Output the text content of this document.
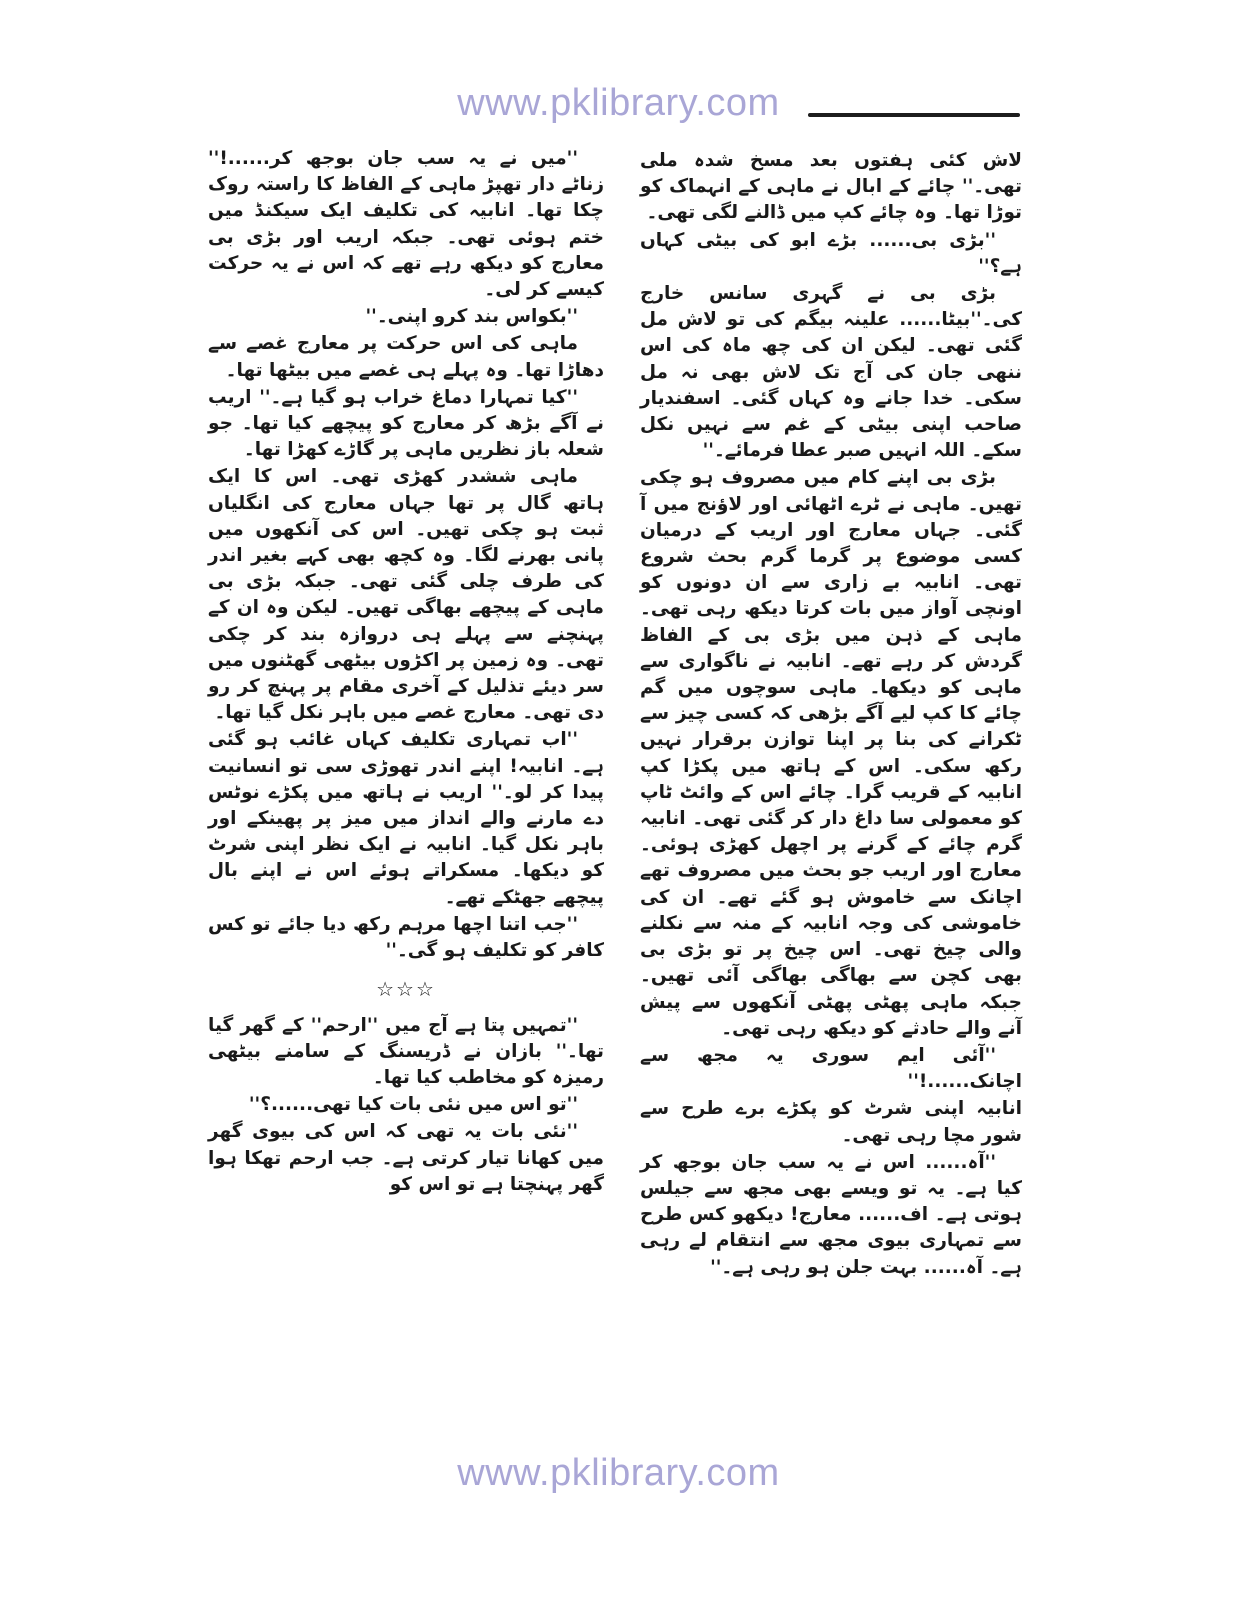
www.pklibrary.com

لاش کئی ہفتوں بعد مسخ شدہ ملی تھی۔'' چائے کے ابال نے ماہی کے انہماک کو توڑا تھا۔ وہ چائے کپ میں ڈالنے لگی تھی۔

''بڑی بی...... بڑے ابو کی بیٹی کہاں ہے؟''

بڑی بی نے گہری سانس خارج کی۔''بیٹا...... علینہ بیگم کی تو لاش مل گئی تھی۔ لیکن ان کی چھ ماہ کی اس ننھی جان کی آج تک لاش بھی نہ مل سکی۔ خدا جانے وہ کہاں گئی۔ اسفندیار صاحب اپنی بیٹی کے غم سے نہیں نکل سکے۔ اللہ انہیں صبر عطا فرمائے۔''

بڑی بی اپنے کام میں مصروف ہو چکی تھیں۔ ماہی نے ٹرے اٹھائی اور لاؤنج میں آ گئی۔ جہاں معارج اور اریب کے درمیان کسی موضوع پر گرما گرم بحث شروع تھی۔ انابیہ بے زاری سے ان دونوں کو اونچی آواز میں بات کرتا دیکھ رہی تھی۔ ماہی کے ذہن میں بڑی بی کے الفاظ گردش کر رہے تھے۔ انابیہ نے ناگواری سے ماہی کو دیکھا۔ ماہی سوچوں میں گم چائے کا کپ لیے آگے بڑھی کہ کسی چیز سے ٹکرانے کی بنا پر اپنا توازن برقرار نہیں رکھ سکی۔ اس کے ہاتھ میں پکڑا کپ انابیہ کے قریب گرا۔ چائے اس کے وائٹ ٹاپ کو معمولی سا داغ دار کر گئی تھی۔ انابیہ گرم چائے کے گرنے پر اچھل کھڑی ہوئی۔ معارج اور اریب جو بحث میں مصروف تھے اچانک سے خاموش ہو گئے تھے۔ ان کی خاموشی کی وجہ انابیہ کے منہ سے نکلنے والی چیخ تھی۔ اس چیخ پر تو بڑی بی بھی کچن سے بھاگی بھاگی آئی تھیں۔ جبکہ ماہی پھٹی پھٹی آنکھوں سے پیش آنے والے حادثے کو دیکھ رہی تھی۔

''آئی ایم سوری یہ مجھ سے اچانک......!''

انابیہ اپنی شرٹ کو پکڑے برے طرح سے شور مچا رہی تھی۔

''آہ...... اس نے یہ سب جان بوجھ کر کیا ہے۔ یہ تو ویسے بھی مجھ سے جیلس ہوتی ہے۔ اف...... معارج! دیکھو کس طرح سے تمہاری بیوی مجھ سے انتقام لے رہی ہے۔ آہ...... بہت جلن ہو رہی ہے۔''

''میں نے یہ سب جان بوجھ کر......!'' زناٹے دار تھپڑ ماہی کے الفاظ کا راستہ روک چکا تھا۔ انابیہ کی تکلیف ایک سیکنڈ میں ختم ہوئی تھی۔ جبکہ اریب اور بڑی بی معارج کو دیکھ رہے تھے کہ اس نے یہ حرکت کیسے کر لی۔

''بکواس بند کرو اپنی۔''

ماہی کی اس حرکت پر معارج غصے سے دھاڑا تھا۔ وہ پہلے ہی غصے میں بیٹھا تھا۔

''کیا تمہارا دماغ خراب ہو گیا ہے۔'' اریب نے آگے بڑھ کر معارج کو پیچھے کیا تھا۔ جو شعلہ باز نظریں ماہی پر گاڑے کھڑا تھا۔

ماہی ششدر کھڑی تھی۔ اس کا ایک ہاتھ گال پر تھا جہاں معارج کی انگلیاں ثبت ہو چکی تھیں۔ اس کی آنکھوں میں پانی بھرنے لگا۔ وہ کچھ بھی کہے بغیر اندر کی طرف چلی گئی تھی۔ جبکہ بڑی بی ماہی کے پیچھے بھاگی تھیں۔ لیکن وہ ان کے پہنچنے سے پہلے ہی دروازہ بند کر چکی تھی۔ وہ زمین پر اکڑوں بیٹھی گھٹنوں میں سر دیئے تذلیل کے آخری مقام پر پہنچ کر رو دی تھی۔ معارج غصے میں باہر نکل گیا تھا۔

''اب تمہاری تکلیف کہاں غائب ہو گئی ہے۔ انابیہ! اپنے اندر تھوڑی سی تو انسانیت پیدا کر لو۔'' اریب نے ہاتھ میں پکڑے نوٹس دے مارنے والے انداز میں میز پر پھینکے اور باہر نکل گیا۔ انابیہ نے ایک نظر اپنی شرٹ کو دیکھا۔ مسکراتے ہوئے اس نے اپنے بال پیچھے جھٹکے تھے۔

''جب اتنا اچھا مرہم رکھ دیا جائے تو کس کافر کو تکلیف ہو گی۔''

☆☆☆

''تمہیں پتا ہے آج میں ''ارحم'' کے گھر گیا تھا۔'' بازان نے ڈریسنگ کے سامنے بیٹھی رمیزہ کو مخاطب کیا تھا۔

''تو اس میں نئی بات کیا تھی......؟''

''نئی بات یہ تھی کہ اس کی بیوی گھر میں کھانا تیار کرتی ہے۔ جب ارحم تھکا ہوا گھر پہنچتا ہے تو اس کو

www.pklibrary.com
